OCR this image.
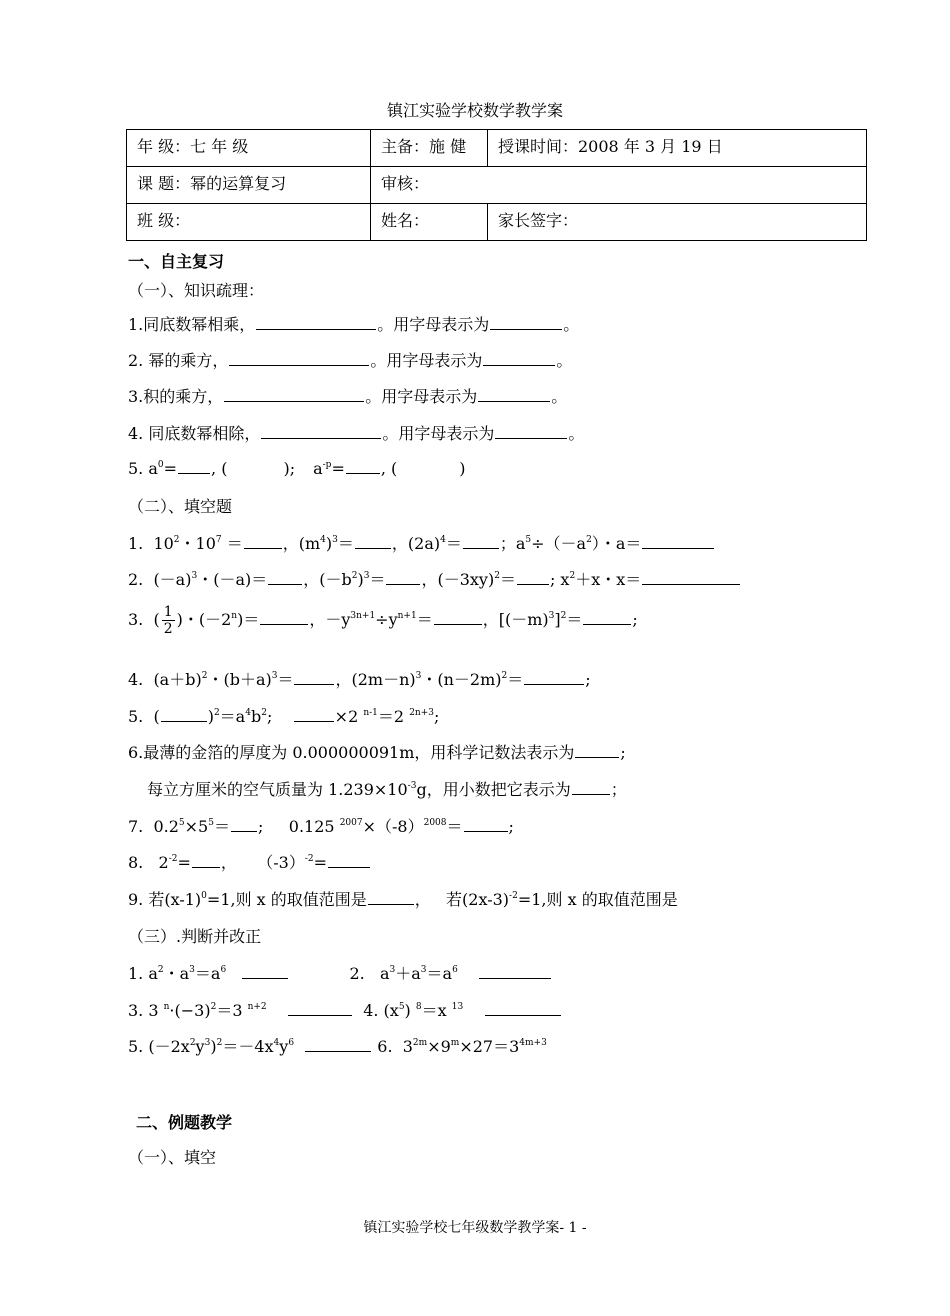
镇江实验学校数学教学案
年 级：七 年 级	主备：施 健	授课时间：2008 年 3 月 19 日
课 题：幂的运算复习	审核：	
班 级：	姓名：	家长签字：
一、自主复习
（一）、知识疏理：
1.同底数幂相乘，	。用字母表示为	。
2. 幂的乘方，	。用字母表示为	。
3.积的乘方，	。用字母表示为	。
4. 同底数幂相除，	。用字母表示为	。
5. $a^0=$ , (	); $a^{-p}=$ , (	)
（二）、填空题
1.  $10^2$・$10^7$ ＝	，$(m^4)^3=$ ，$(2a)^4=$ ；$a^5\div(-a^2)$・a＝
2.  $(-a)^3$・(－a)＝ ，$(-b^2)^3=$ ，$(-3xy)^2=$ ; $x^2+x$・x＝
3.  ( $\frac{1}{2}$ )・$(-2^n)=$	，$-y^{3n+1}\div y^{n+1}=$	，$[(-m)^3]^2=$	;
4.  $(a+b)^2$・$(b+a)^3=$	，$(2m-n)^3$・$(n-2m)^2=$	;
5.  (	)$^2=a^4b^2$;	×2 $^{n-1}$＝2 $^{2n+3}$;
6.最薄的金箔的厚度为 0.000000091m，用科学记数法表示为	;
每立方厘米的空气质量为 $1.239\times 10^{-3}g$，用小数把它表示为	；
7.  $0.2^5\times 5^5=$ ;     0.125 $^{2007}\times(-8)^{2008}=$	;
8.   $2^{-2}=$ ，    $(-3)^{-2}=$
9. 若$(x-1)^0=1$,则 x 的取值范围是	，   若$(2x-3)^{-2}=1$,则 x 的取值范围是
（三）.判断并改正
1. $a^2$・$a^3=a^6$	2.   $a^3+a^3=a^6$
3. 3 $^n\cdot(-3)^2=3$ $^{n+2}$	4. $(x^5)$ $^8$＝x $^{13}$
5. $(-2x^2y^3)^2=-4x^4y^6$	6.  $3^{2m}\times 9^m\times 27=3^{4m+3}$
二、例题教学
（一）、填空
镇江实验学校七年级数学教学案- 1 -
